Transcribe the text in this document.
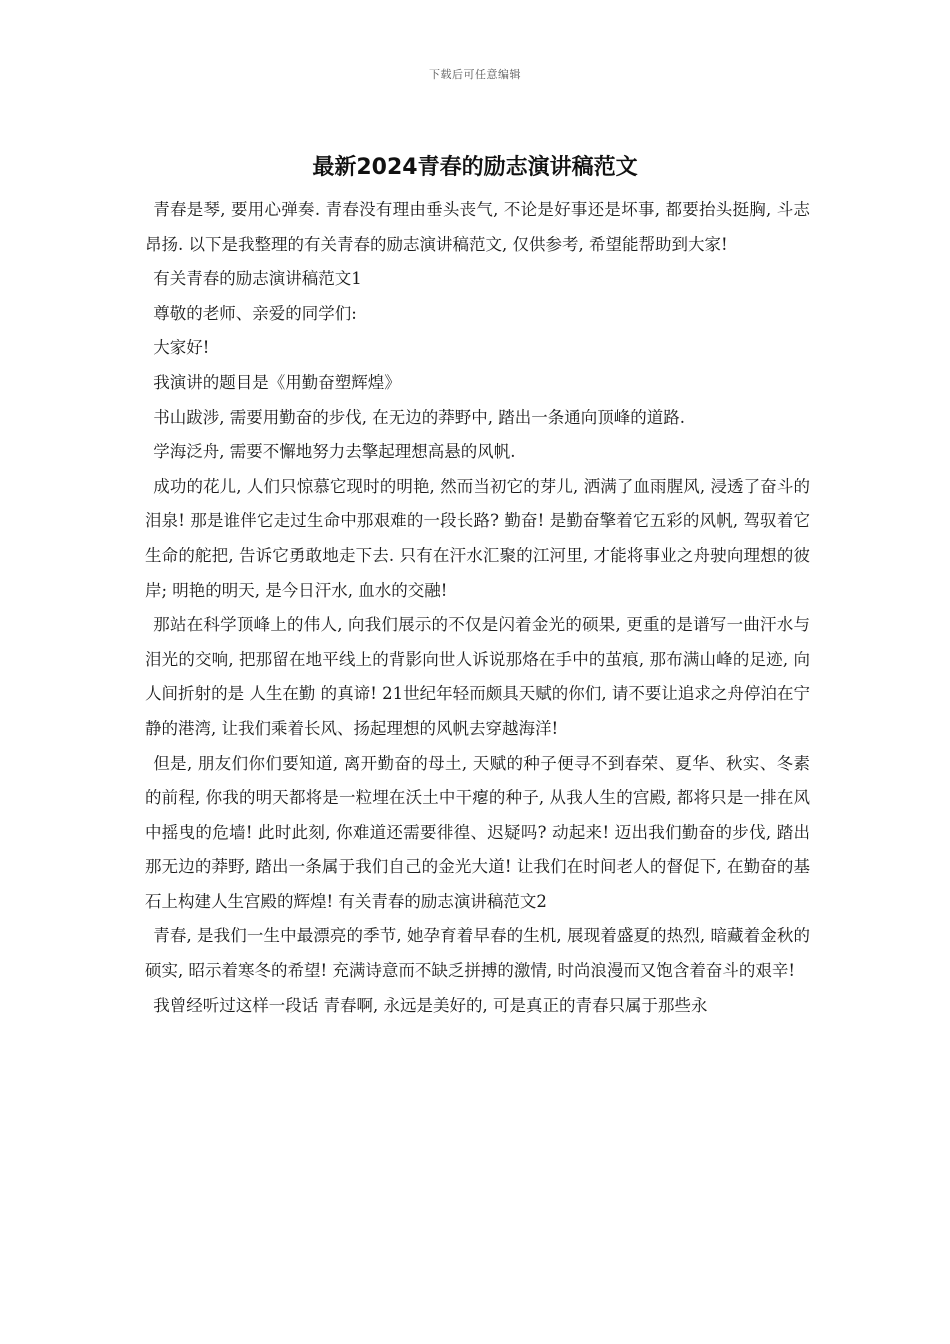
下载后可任意编辑
最新2024青春的励志演讲稿范文

青春是琴, 要用心弹奏. 青春没有理由垂头丧气, 不论是好事还是坏事, 都要抬头挺胸, 斗志昂扬. 以下是我整理的有关青春的励志演讲稿范文, 仅供参考, 希望能帮助到大家!

有关青春的励志演讲稿范文1

尊敬的老师、亲爱的同学们:

大家好!

我演讲的题目是《用勤奋塑辉煌》

书山跋涉, 需要用勤奋的步伐, 在无边的莽野中, 踏出一条通向顶峰的道路.

学海泛舟, 需要不懈地努力去擎起理想高悬的风帆.

成功的花儿, 人们只惊慕它现时的明艳, 然而当初它的芽儿, 洒满了血雨腥风, 浸透了奋斗的泪泉! 那是谁伴它走过生命中那艰难的一段长路? 勤奋! 是勤奋擎着它五彩的风帆, 驾驭着它生命的舵把, 告诉它勇敢地走下去. 只有在汗水汇聚的江河里, 才能将事业之舟驶向理想的彼岸; 明艳的明天, 是今日汗水, 血水的交融!

那站在科学顶峰上的伟人, 向我们展示的不仅是闪着金光的硕果, 更重的是谱写一曲汗水与泪光的交响, 把那留在地平线上的背影向世人诉说那烙在手中的茧痕, 那布满山峰的足迹, 向人间折射的是 人生在勤 的真谛! 21世纪年轻而颇具天赋的你们, 请不要让追求之舟停泊在宁静的港湾, 让我们乘着长风、扬起理想的风帆去穿越海洋!

但是, 朋友们你们要知道, 离开勤奋的母土, 天赋的种子便寻不到春荣、夏华、秋实、冬素的前程, 你我的明天都将是一粒埋在沃土中干瘪的种子, 从我人生的宫殿, 都将只是一排在风中摇曳的危墙! 此时此刻, 你难道还需要徘徨、迟疑吗? 动起来! 迈出我们勤奋的步伐, 踏出那无边的莽野, 踏出一条属于我们自己的金光大道! 让我们在时间老人的督促下, 在勤奋的基石上构建人生宫殿的辉煌! 有关青春的励志演讲稿范文2

青春, 是我们一生中最漂亮的季节, 她孕育着早春的生机, 展现着盛夏的热烈, 暗藏着金秋的硕实, 昭示着寒冬的希望! 充满诗意而不缺乏拼搏的激情, 时尚浪漫而又饱含着奋斗的艰辛!

我曾经听过这样一段话 青春啊, 永远是美好的, 可是真正的青春只属于那些永
